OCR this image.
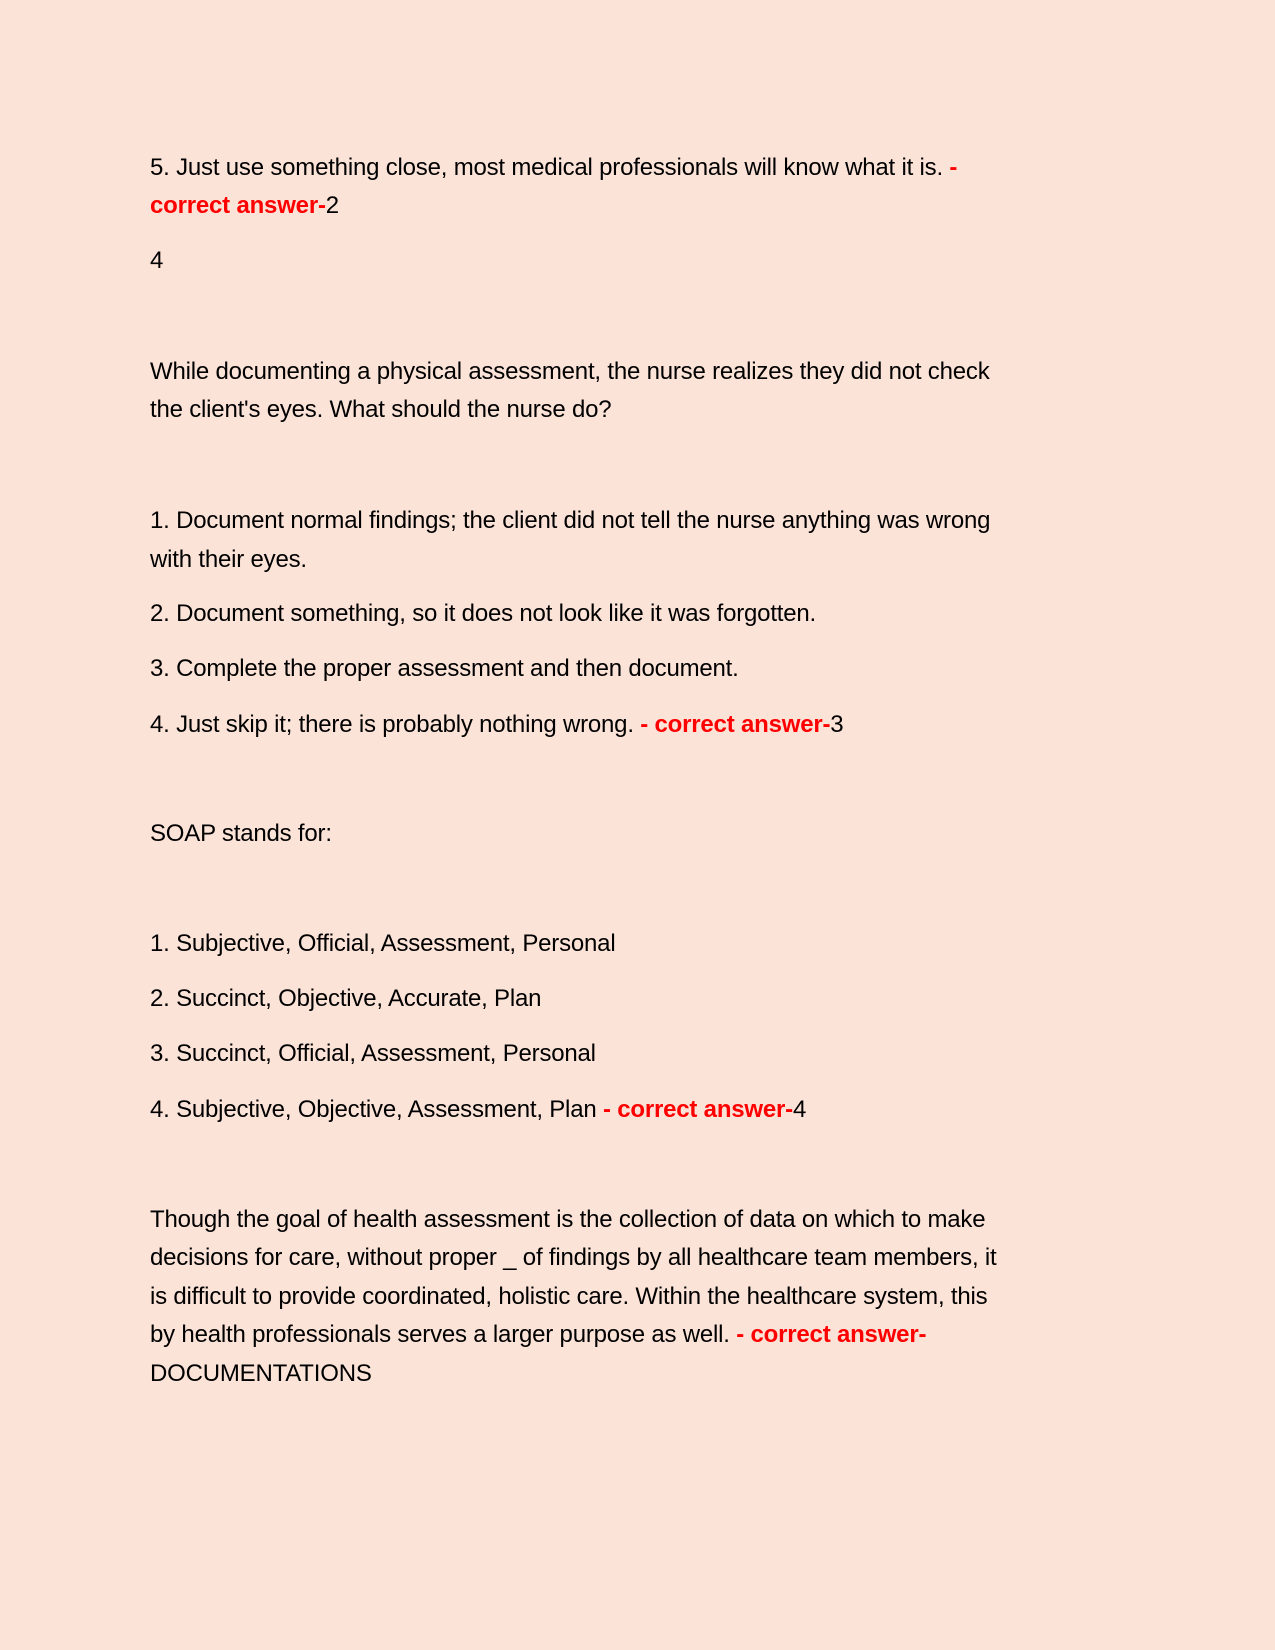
5. Just use something close, most medical professionals will know what it is. -
correct answer-2
4
While documenting a physical assessment, the nurse realizes they did not check
the client's eyes. What should the nurse do?
1. Document normal findings; the client did not tell the nurse anything was wrong
with their eyes.
2. Document something, so it does not look like it was forgotten.
3. Complete the proper assessment and then document.
4. Just skip it; there is probably nothing wrong. - correct answer-3
SOAP stands for:
1. Subjective, Official, Assessment, Personal
2. Succinct, Objective, Accurate, Plan
3. Succinct, Official, Assessment, Personal
4. Subjective, Objective, Assessment, Plan - correct answer-4
Though the goal of health assessment is the collection of data on which to make
decisions for care, without proper _ of findings by all healthcare team members, it
is difficult to provide coordinated, holistic care. Within the healthcare system, this
by health professionals serves a larger purpose as well. - correct answer-
DOCUMENTATIONS
